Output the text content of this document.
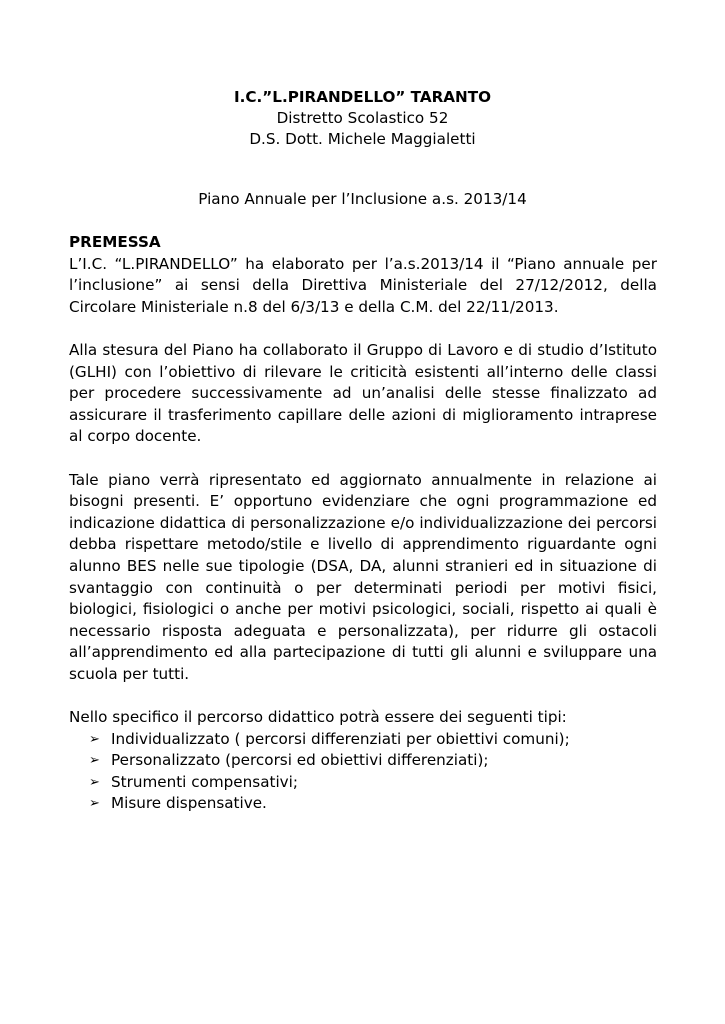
I.C.”L.PIRANDELLO” TARANTO
Distretto Scolastico 52
D.S. Dott. Michele Maggialetti
Piano Annuale per l’Inclusione a.s. 2013/14
PREMESSA

L’I.C. “L.PIRANDELLO” ha elaborato per l’a.s.2013/14 il “Piano annuale per l’inclusione” ai sensi della Direttiva Ministeriale del 27/12/2012, della Circolare Ministeriale n.8 del 6/3/13 e della C.M. del 22/11/2013.

Alla stesura del Piano ha collaborato il Gruppo di Lavoro e di studio d’Istituto (GLHI) con l’obiettivo di rilevare le criticità esistenti all’interno delle classi per procedere successivamente ad un’analisi delle stesse finalizzato ad assicurare il trasferimento capillare delle azioni di miglioramento intraprese al corpo docente.

Tale piano verrà ripresentato ed aggiornato annualmente in relazione ai bisogni presenti. E’ opportuno evidenziare che ogni programmazione ed indicazione didattica di personalizzazione e/o individualizzazione dei percorsi debba rispettare metodo/stile e livello di apprendimento riguardante ogni alunno BES nelle sue tipologie (DSA, DA, alunni stranieri ed in situazione di svantaggio con continuità o per determinati periodi per motivi fisici, biologici, fisiologici o anche per motivi psicologici, sociali, rispetto ai quali è necessario risposta adeguata e personalizzata), per ridurre gli ostacoli all’apprendimento ed alla partecipazione di tutti gli alunni e sviluppare una scuola per tutti.

Nello specifico il percorso didattico potrà essere dei seguenti tipi:
➢ Individualizzato ( percorsi differenziati per obiettivi comuni);
➢ Personalizzato (percorsi ed obiettivi differenziati);
➢ Strumenti compensativi;
➢ Misure dispensative.
